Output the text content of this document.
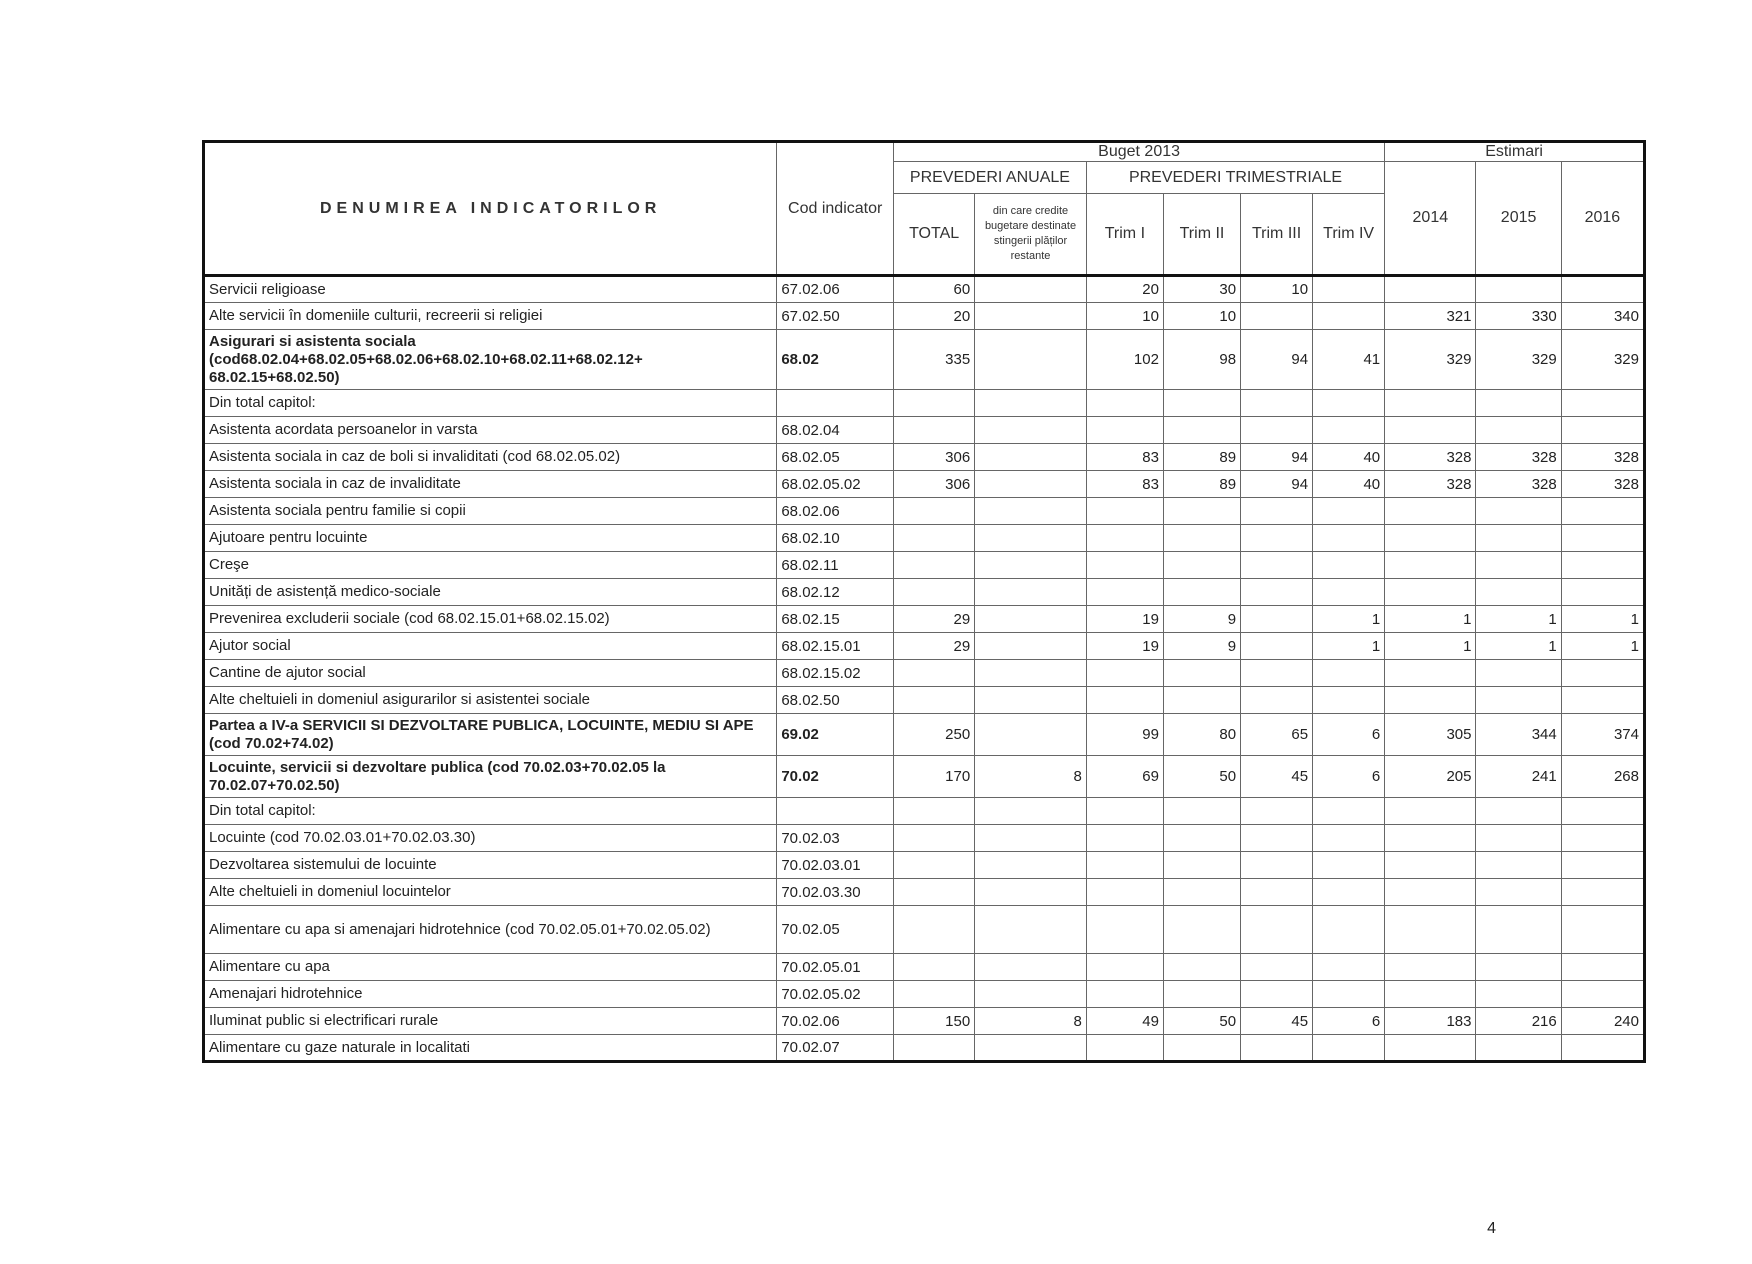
DENUMIREA INDICATORILOR	Cod indicator	Buget 2013						Estimari		
		PREVEDERI ANUALE		PREVEDERI TRIMESTRIALE				2014	2015	2016
		TOTAL	din care credite bugetare destinate stingerii plăților restante	Trim I	Trim II	Trim III	Trim IV			
Servicii religioase	67.02.06	60		20	30	10				
Alte servicii în domeniile culturii, recreerii si religiei	67.02.50	20		10	10			321	330	340
Asigurari si asistenta sociala (cod68.02.04+68.02.05+68.02.06+68.02.10+68.02.11+68.02.12+ 68.02.15+68.02.50)	68.02	335		102	98	94	41	329	329	329
Din total capitol:										
Asistenta acordata persoanelor in varsta	68.02.04									
Asistenta sociala in caz de boli si invaliditati (cod 68.02.05.02)	68.02.05	306		83	89	94	40	328	328	328
Asistenta sociala in caz de invaliditate	68.02.05.02	306		83	89	94	40	328	328	328
Asistenta sociala pentru familie si copii	68.02.06									
Ajutoare pentru locuinte	68.02.10									
Creşe	68.02.11									
Unități de asistență medico-sociale	68.02.12									
Prevenirea excluderii sociale (cod 68.02.15.01+68.02.15.02)	68.02.15	29		19	9		1	1	1	1
Ajutor social	68.02.15.01	29		19	9		1	1	1	1
Cantine de ajutor social	68.02.15.02									
Alte cheltuieli in domeniul asigurarilor si asistentei sociale	68.02.50									
Partea a IV-a SERVICII SI DEZVOLTARE PUBLICA, LOCUINTE, MEDIU SI APE (cod 70.02+74.02)	69.02	250		99	80	65	6	305	344	374
Locuinte, servicii si dezvoltare publica (cod 70.02.03+70.02.05 la 70.02.07+70.02.50)	70.02	170	8	69	50	45	6	205	241	268
Din total capitol:										
Locuinte (cod 70.02.03.01+70.02.03.30)	70.02.03									
Dezvoltarea sistemului de locuinte	70.02.03.01									
Alte cheltuieli in domeniul locuintelor	70.02.03.30									
Alimentare cu apa si amenajari hidrotehnice (cod 70.02.05.01+70.02.05.02)	70.02.05									
Alimentare cu apa	70.02.05.01									
Amenajari hidrotehnice	70.02.05.02									
Iluminat public si electrificari rurale	70.02.06	150	8	49	50	45	6	183	216	240
Alimentare cu gaze naturale in localitati	70.02.07									
4
